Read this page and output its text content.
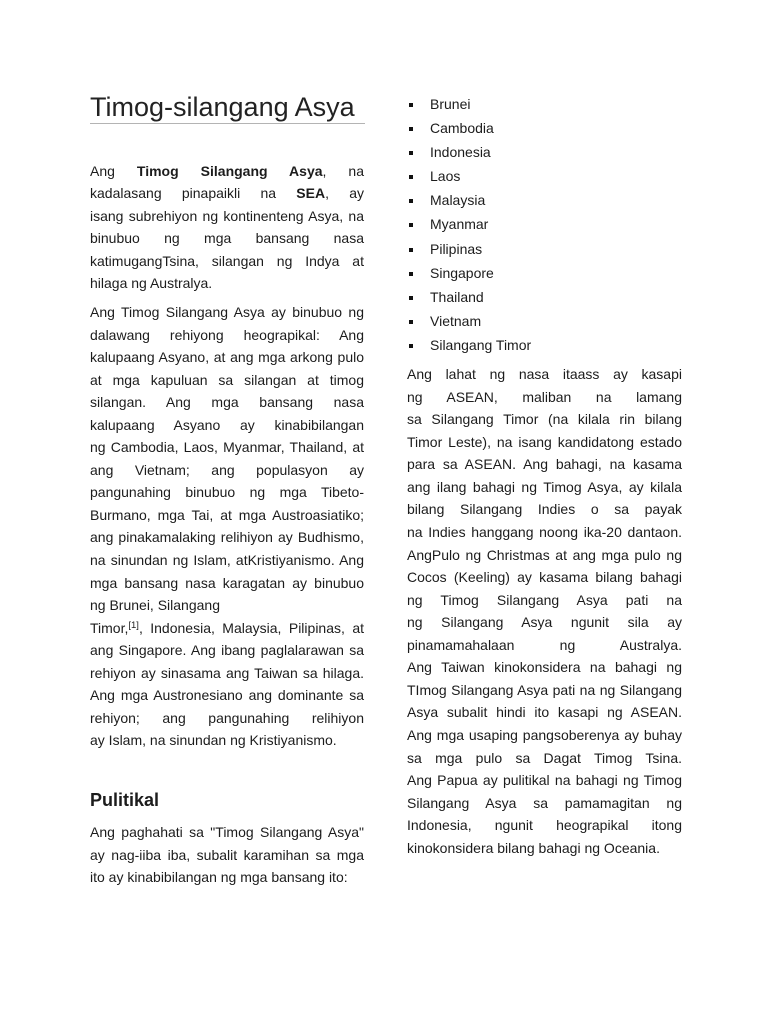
Timog-silangang Asya
Ang Timog Silangang Asya, na
kadalasang pinapaikli na SEA, ay
isang subrehiyon ng kontinenteng Asya, na
binubuo ng mga bansang nasa
katimugangTsina, silangan ng Indya at
hilaga ng Australya.
Ang Timog Silangang Asya ay binubuo ng
dalawang rehiyong heograpikal: Ang
kalupaang Asyano, at ang mga arkong pulo
at mga kapuluan sa silangan at timog
silangan. Ang mga bansang nasa
kalupaang Asyano ay kinabibilangan
ng Cambodia, Laos, Myanmar, Thailand, at
ang Vietnam; ang populasyon ay
pangunahing binubuo ng mga Tibeto-
Burmano, mga Tai, at mga Austroasiatiko;
ang pinakamalaking relihiyon ay Budhismo,
na sinundan ng Islam, atKristiyanismo. Ang
mga bansang nasa karagatan ay binubuo
ng Brunei, Silangang
Timor,[1], Indonesia, Malaysia, Pilipinas, at
ang Singapore. Ang ibang paglalarawan sa
rehiyon ay sinasama ang Taiwan sa hilaga.
Ang mga Austronesiano ang dominante sa
rehiyon; ang pangunahing relihiyon
ay Islam, na sinundan ng Kristiyanismo.
Pulitikal
Ang paghahati sa "Timog Silangang Asya"
ay nag-iiba iba, subalit karamihan sa mga
ito ay kinabibilangan ng mga bansang ito:
Brunei
Cambodia
Indonesia
Laos
Malaysia
Myanmar
Pilipinas
Singapore
Thailand
Vietnam
Silangang Timor
Ang lahat ng nasa itaass ay kasapi
ng ASEAN, maliban na lamang
sa Silangang Timor (na kilala rin bilang
Timor Leste), na isang kandidatong estado
para sa ASEAN. Ang bahagi, na kasama
ang ilang bahagi ng Timog Asya, ay kilala
bilang Silangang Indies o sa payak
na Indies hanggang noong ika-20 dantaon.
AngPulo ng Christmas at ang mga pulo ng
Cocos (Keeling) ay kasama bilang bahagi
ng Timog Silangang Asya pati na
ng Silangang Asya ngunit sila ay
pinamamahalaan ng Australya.
Ang Taiwan kinokonsidera na bahagi ng
TImog Silangang Asya pati na ng Silangang
Asya subalit hindi ito kasapi ng ASEAN.
Ang mga usaping pangsoberenya ay buhay
sa mga pulo sa Dagat Timog Tsina.
Ang Papua ay pulitikal na bahagi ng Timog
Silangang Asya sa pamamagitan ng
Indonesia, ngunit heograpikal itong
kinokonsidera bilang bahagi ng Oceania.
